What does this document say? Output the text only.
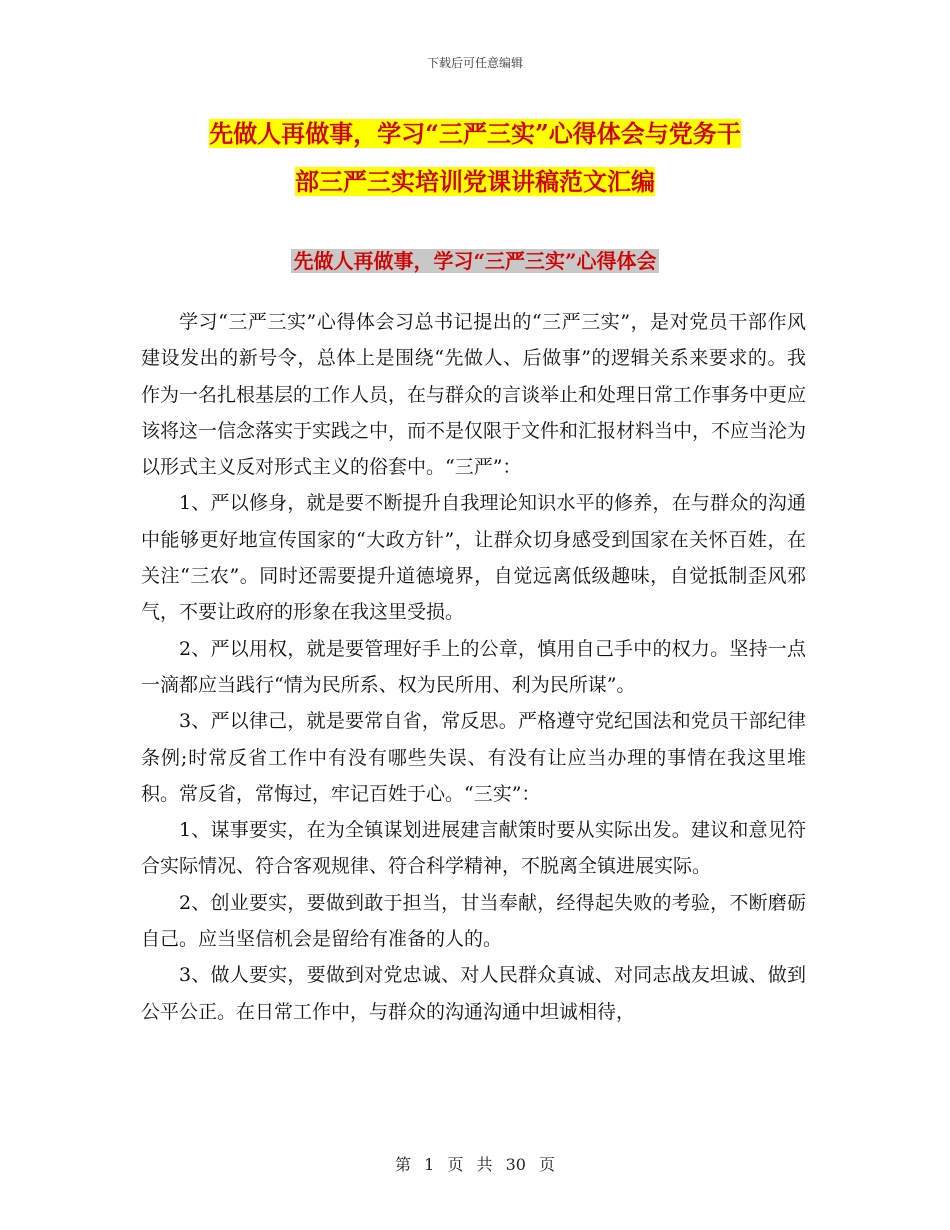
下载后可任意编辑
先做人再做事，学习“三严三实”心得体会与党务干
部三严三实培训党课讲稿范文汇编
先做人再做事，学习“三严三实”心得体会

学习“三严三实”心得体会习总书记提出的“三严三实”，是对党员干部作风建设发出的新号令，总体上是围绕“先做人、后做事”的逻辑关系来要求的。我作为一名扎根基层的工作人员，在与群众的言谈举止和处理日常工作事务中更应该将这一信念落实于实践之中，而不是仅限于文件和汇报材料当中，不应当沦为以形式主义反对形式主义的俗套中。“三严”：

1、严以修身，就是要不断提升自我理论知识水平的修养，在与群众的沟通中能够更好地宣传国家的“大政方针”，让群众切身感受到国家在关怀百姓，在关注“三农”。同时还需要提升道德境界，自觉远离低级趣味，自觉抵制歪风邪气，不要让政府的形象在我这里受损。

2、严以用权，就是要管理好手上的公章，慎用自己手中的权力。坚持一点一滴都应当践行“情为民所系、权为民所用、利为民所谋”。

3、严以律己，就是要常自省，常反思。严格遵守党纪国法和党员干部纪律条例;时常反省工作中有没有哪些失误、有没有让应当办理的事情在我这里堆积。常反省，常悔过，牢记百姓于心。“三实”：

1、谋事要实，在为全镇谋划进展建言献策时要从实际出发。建议和意见符合实际情况、符合客观规律、符合科学精神，不脱离全镇进展实际。

2、创业要实，要做到敢于担当，甘当奉献，经得起失败的考验，不断磨砺自己。应当坚信机会是留给有准备的人的。

3、做人要实，要做到对党忠诚、对人民群众真诚、对同志战友坦诚、做到公平公正。在日常工作中，与群众的沟通沟通中坦诚相待，

第 1 页 共 30 页
